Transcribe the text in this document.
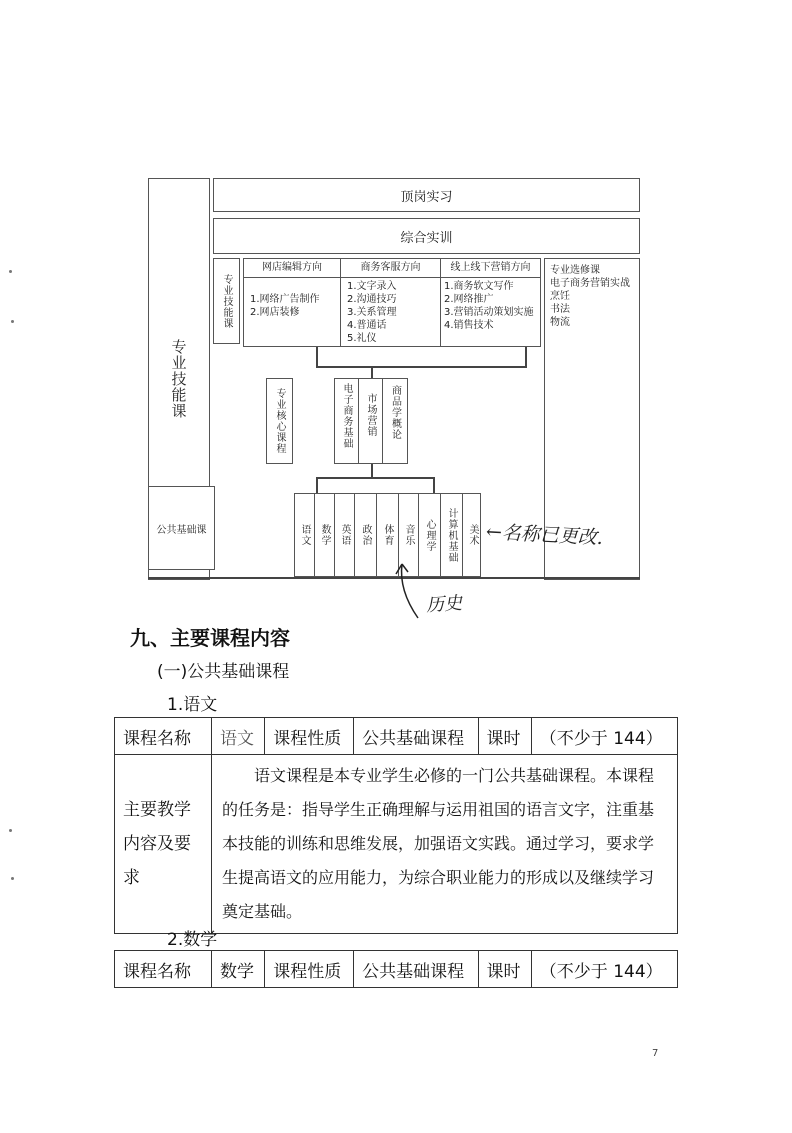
专业技能课
顶岗实习
综合实训
专业技能课
网店编辑方向	商务客服方向	线上线下营销方向
1.网络广告制作
2.网店装修
1.文字录入
2.沟通技巧
3.关系管理
4.普通话
5.礼仪
1.商务软文写作
2.网络推广
3.营销活动策划实施
4.销售技术
专业选修课
电子商务营销实战
烹饪
书法
物流
专业核心课程	电子商务基础 市场营销 商品学概论
公共基础课	语文 数学 英语 政治 体育 音乐 心理学 计算机基础 美术 ←名称已更改.
历史
九、主要课程内容
(一)公共基础课程
1.语文
课程名称	语文	课程性质	公共基础课程	课时	（不少于 144）
主要教学内容及要求	语文课程是本专业学生必修的一门公共基础课程。本课程的任务是：指导学生正确理解与运用祖国的语言文字，注重基本技能的训练和思维发展，加强语文实践。通过学习，要求学生提高语文的应用能力，为综合职业能力的形成以及继续学习奠定基础。				
2.数学
课程名称	数学	课程性质	公共基础课程	课时	（不少于 144）
7
